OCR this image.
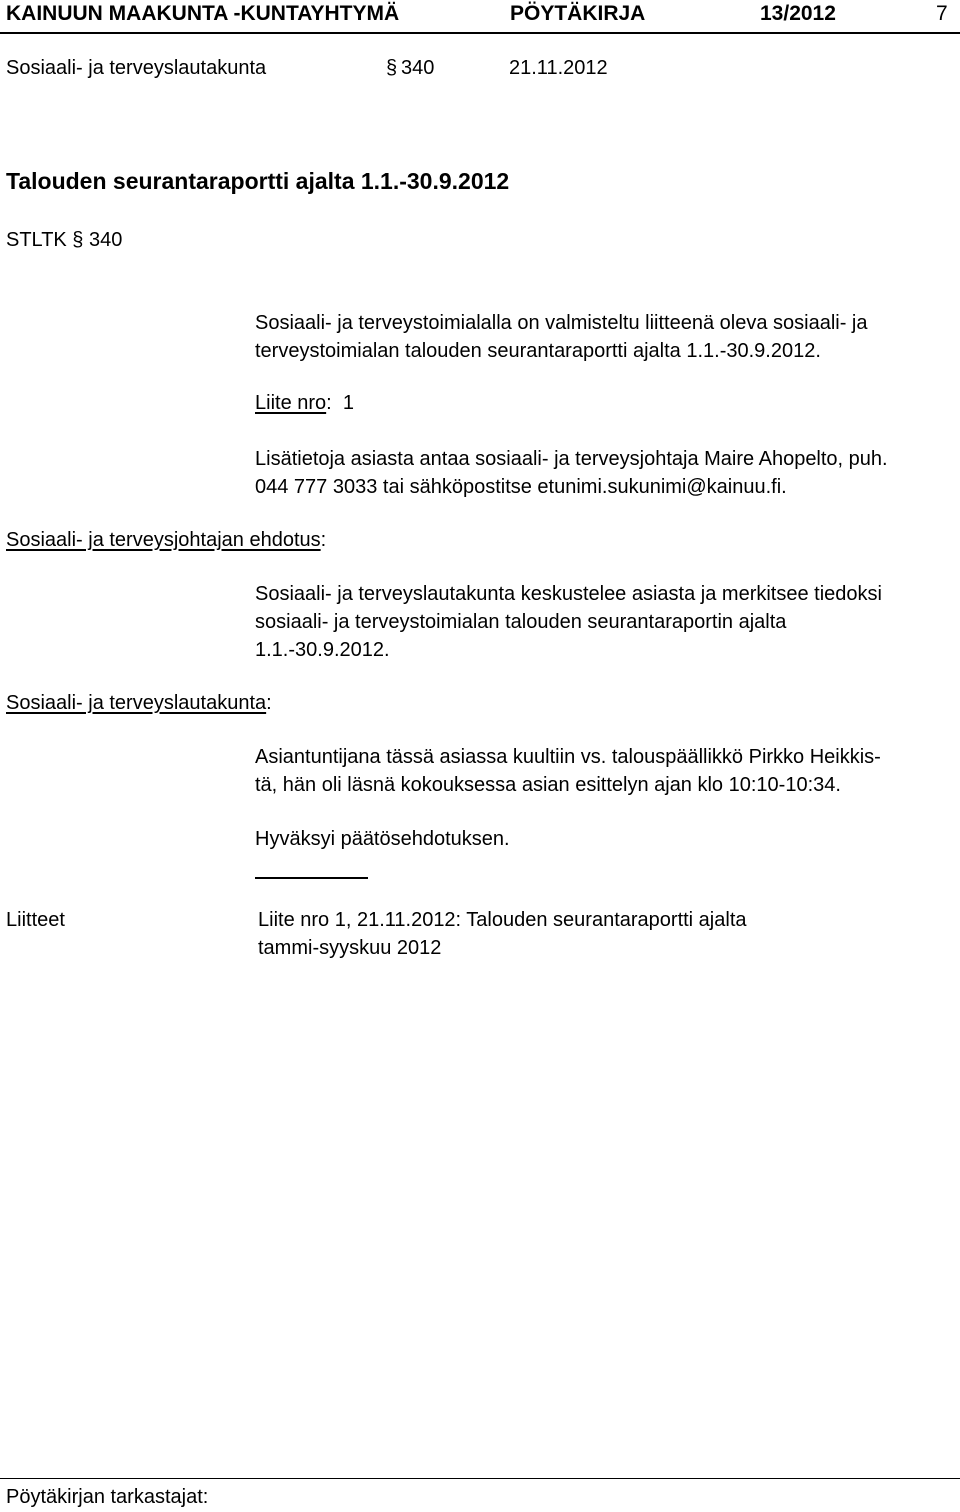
KAINUUN MAAKUNTA -KUNTAYHTYMÄ	PÖYTÄKIRJA	13/2012	7
Sosiaali- ja terveyslautakunta	§ 340	21.11.2012
Talouden seurantaraportti ajalta 1.1.-30.9.2012
STLTK § 340
Sosiaali- ja terveystoimialalla on valmisteltu liitteenä oleva sosiaali- ja
terveystoimialan talouden seurantaraportti ajalta 1.1.-30.9.2012.
Liite nro: 1
Lisätietoja asiasta antaa sosiaali- ja terveysjohtaja Maire Ahopelto, puh.
044 777 3033 tai sähköpostitse etunimi.sukunimi@kainuu.fi.
Sosiaali- ja terveysjohtajan ehdotus:
Sosiaali- ja terveyslautakunta keskustelee asiasta ja merkitsee tiedoksi
sosiaali- ja terveystoimialan talouden seurantaraportin ajalta
1.1.-30.9.2012.
Sosiaali- ja terveyslautakunta:
Asiantuntijana tässä asiassa kuultiin vs. talouspäällikkö Pirkko Heikkis-
tä, hän oli läsnä kokouksessa asian esittelyn ajan klo 10:10-10:34.
Hyväksyi päätösehdotuksen.
Liitteet	Liite nro 1, 21.11.2012: Talouden seurantaraportti ajalta
tammi-syyskuu 2012
Pöytäkirjan tarkastajat:
